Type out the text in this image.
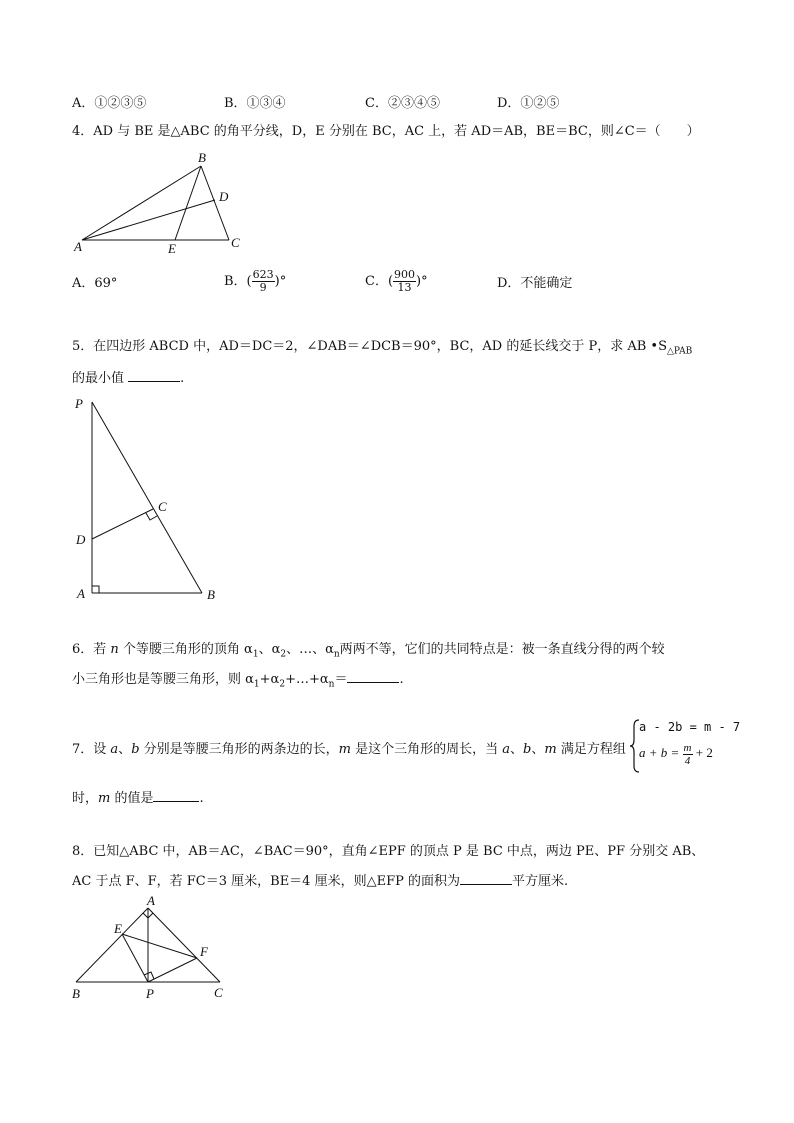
A．①②③⑤	B．①③④	C．②③④⑤	D．①②⑤
4．AD 与 BE 是△ABC 的角平分线，D，E 分别在 BC，AC 上，若 AD＝AB，BE＝BC，则∠C＝（　　）
B
D
A	E	C
A．69°	B．( $\frac{623}{9}$ )°	C．( $\frac{900}{13}$ )°	D．不能确定
5．在四边形 ABCD 中，AD＝DC＝2，∠DAB＝∠DCB＝90°，BC，AD 的延长线交于 P，求 AB $•S_{\triangle PAB}$
的最小值	.
P
C
D
A	B
6．若 n 个等腰三角形的顶角 $\alpha_1$、$\alpha_2$、…、$\alpha_n$两两不等，它们的共同特点是：被一条直线分得的两个较
小三角形也是等腰三角形，则 $\alpha_1+\alpha_2+\dots+\alpha_n=$	.
7．设 a、b 分别是等腰三角形的两条边的长，m 是这个三角形的周长，当 a、b、m 满足方程组
a - 2b = m - 7
$a + b = \frac{m}{4} + 2$
时，m 的值是	.
8．已知△ABC 中，AB＝AC，∠BAC＝90°，直角∠EPF 的顶点 P 是 BC 中点，两边 PE、PF 分别交 AB、
AC 于点 F、F，若 FC＝3 厘米，BE＝4 厘米，则△EFP 的面积为	平方厘米.
A
E
F
B	P	C
